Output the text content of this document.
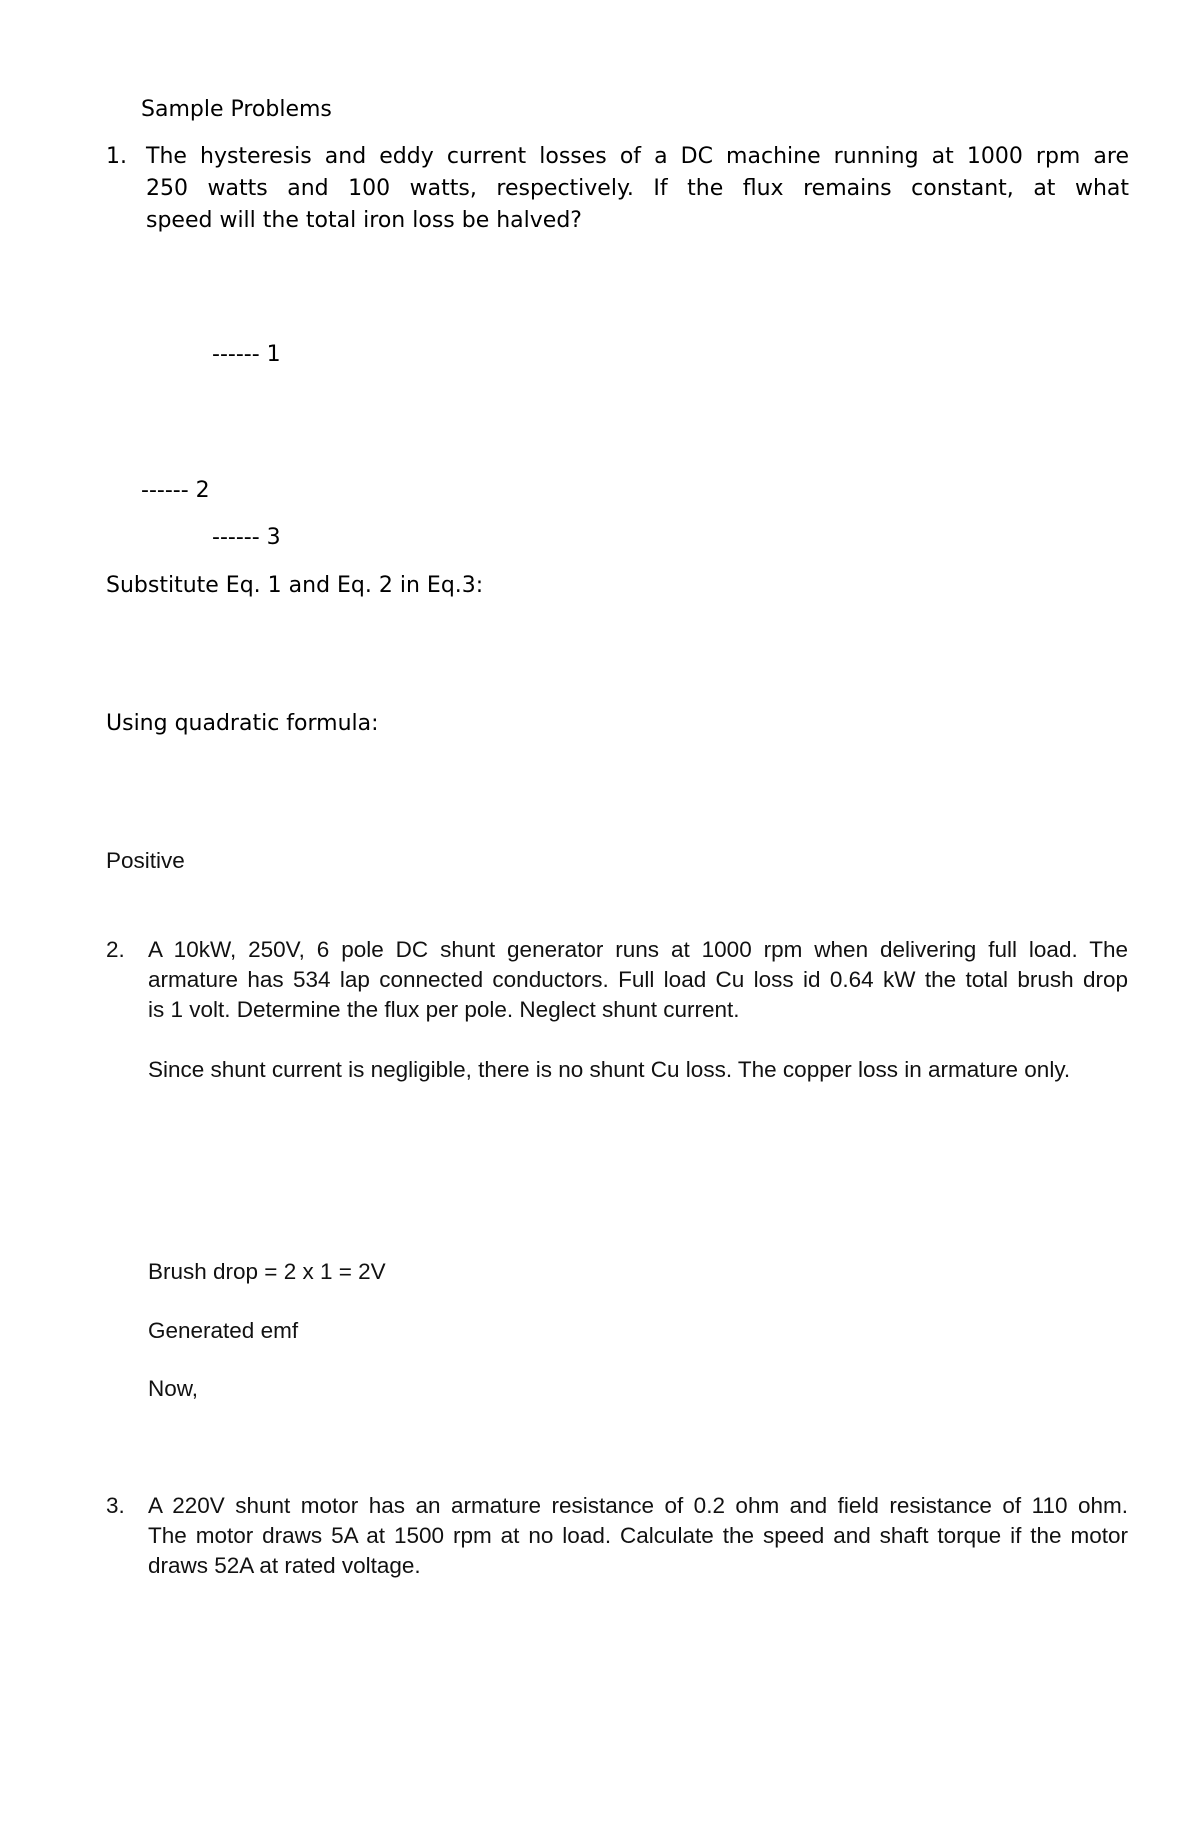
Sample Problems
1. The hysteresis and eddy current losses of a DC machine running at 1000 rpm are
250 watts and 100 watts, respectively. If the flux remains constant, at what
speed will the total iron loss be halved?
------ 1
------ 2
------ 3
Substitute Eq. 1 and Eq. 2 in Eq.3:
Using quadratic formula:
Positive
2. A 10kW, 250V, 6 pole DC shunt generator runs at 1000 rpm when delivering full load. The
armature has 534 lap connected conductors. Full load Cu loss id 0.64 kW the total brush drop
is 1 volt. Determine the flux per pole. Neglect shunt current.
Since shunt current is negligible, there is no shunt Cu loss. The copper loss in armature only.
Brush drop = 2 x 1 = 2V
Generated emf
Now,
3. A 220V shunt motor has an armature resistance of 0.2 ohm and field resistance of 110 ohm.
The motor draws 5A at 1500 rpm at no load. Calculate the speed and shaft torque if the motor
draws 52A at rated voltage.
